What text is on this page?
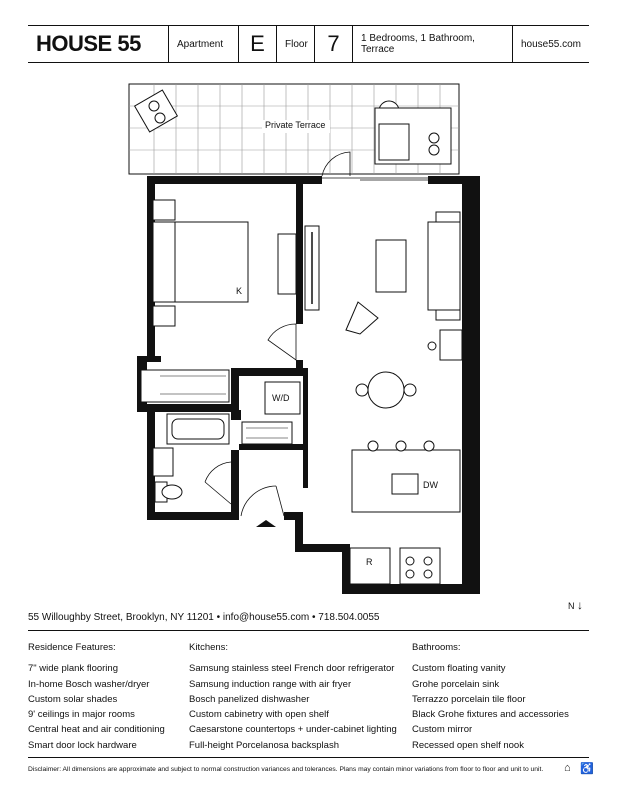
HOUSE 55	Apartment	E	Floor 7	1 Bedrooms, 1 Bathroom, Terrace	house55.com
Private Terrace
K
W/D
DW
R
55 Willoughby Street, Brooklyn, NY 11201 • info@house55.com • 718.504.0055
N ↓
Residence Features:
7" wide plank flooring
In-home Bosch washer/dryer
Custom solar shades
9' ceilings in major rooms
Central heat and air conditioning
Smart door lock hardware
Kitchens:
Samsung stainless steel French door refrigerator
Samsung induction range with air fryer
Bosch panelized dishwasher
Custom cabinetry with open shelf
Caesarstone countertops + under-cabinet lighting
Full-height Porcelanosa backsplash
Bathrooms:
Custom floating vanity
Grohe porcelain sink
Terrazzo porcelain tile floor
Black Grohe fixtures and accessories
Custom mirror
Recessed open shelf nook
Disclaimer: All dimensions are approximate and subject to normal construction variances and tolerances. Plans may contain minor variations from floor to floor and unit to unit. ⌂ ♿
